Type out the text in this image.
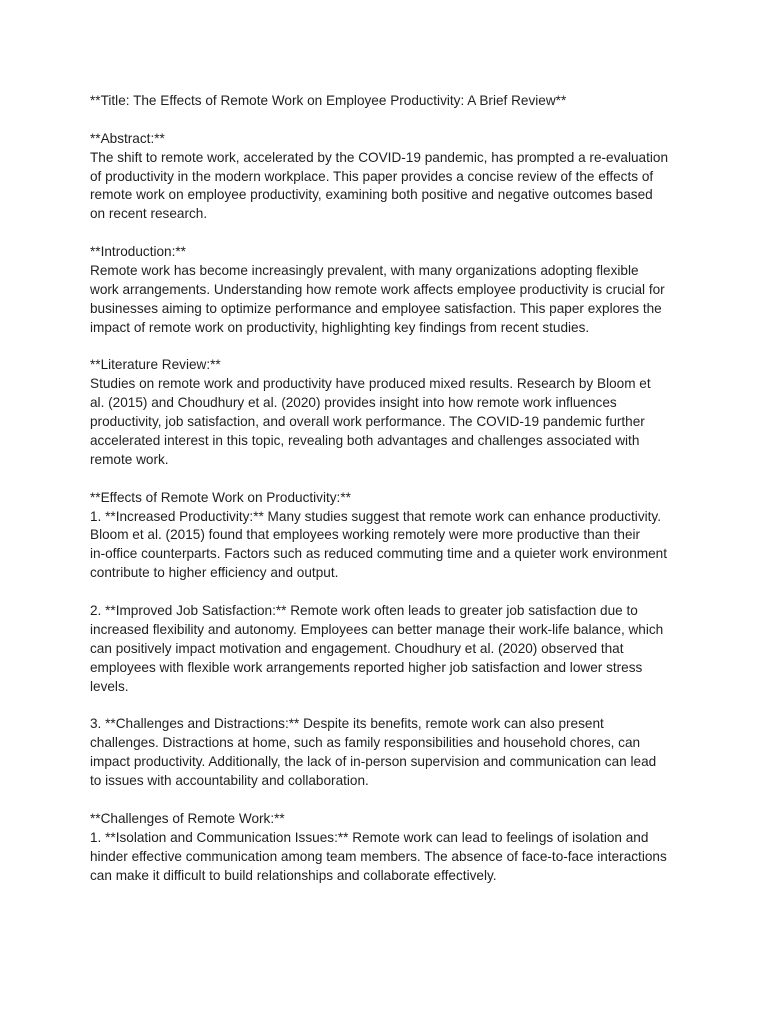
**Title: The Effects of Remote Work on Employee Productivity: A Brief Review**
**Abstract:**
The shift to remote work, accelerated by the COVID-19 pandemic, has prompted a re-evaluation
of productivity in the modern workplace. This paper provides a concise review of the effects of
remote work on employee productivity, examining both positive and negative outcomes based
on recent research.
**Introduction:**
Remote work has become increasingly prevalent, with many organizations adopting flexible
work arrangements. Understanding how remote work affects employee productivity is crucial for
businesses aiming to optimize performance and employee satisfaction. This paper explores the
impact of remote work on productivity, highlighting key findings from recent studies.
**Literature Review:**
Studies on remote work and productivity have produced mixed results. Research by Bloom et
al. (2015) and Choudhury et al. (2020) provides insight into how remote work influences
productivity, job satisfaction, and overall work performance. The COVID-19 pandemic further
accelerated interest in this topic, revealing both advantages and challenges associated with
remote work.
**Effects of Remote Work on Productivity:**
1. **Increased Productivity:** Many studies suggest that remote work can enhance productivity.
Bloom et al. (2015) found that employees working remotely were more productive than their
in-office counterparts. Factors such as reduced commuting time and a quieter work environment
contribute to higher efficiency and output.
2. **Improved Job Satisfaction:** Remote work often leads to greater job satisfaction due to
increased flexibility and autonomy. Employees can better manage their work-life balance, which
can positively impact motivation and engagement. Choudhury et al. (2020) observed that
employees with flexible work arrangements reported higher job satisfaction and lower stress
levels.
3. **Challenges and Distractions:** Despite its benefits, remote work can also present
challenges. Distractions at home, such as family responsibilities and household chores, can
impact productivity. Additionally, the lack of in-person supervision and communication can lead
to issues with accountability and collaboration.
**Challenges of Remote Work:**
1. **Isolation and Communication Issues:** Remote work can lead to feelings of isolation and
hinder effective communication among team members. The absence of face-to-face interactions
can make it difficult to build relationships and collaborate effectively.
